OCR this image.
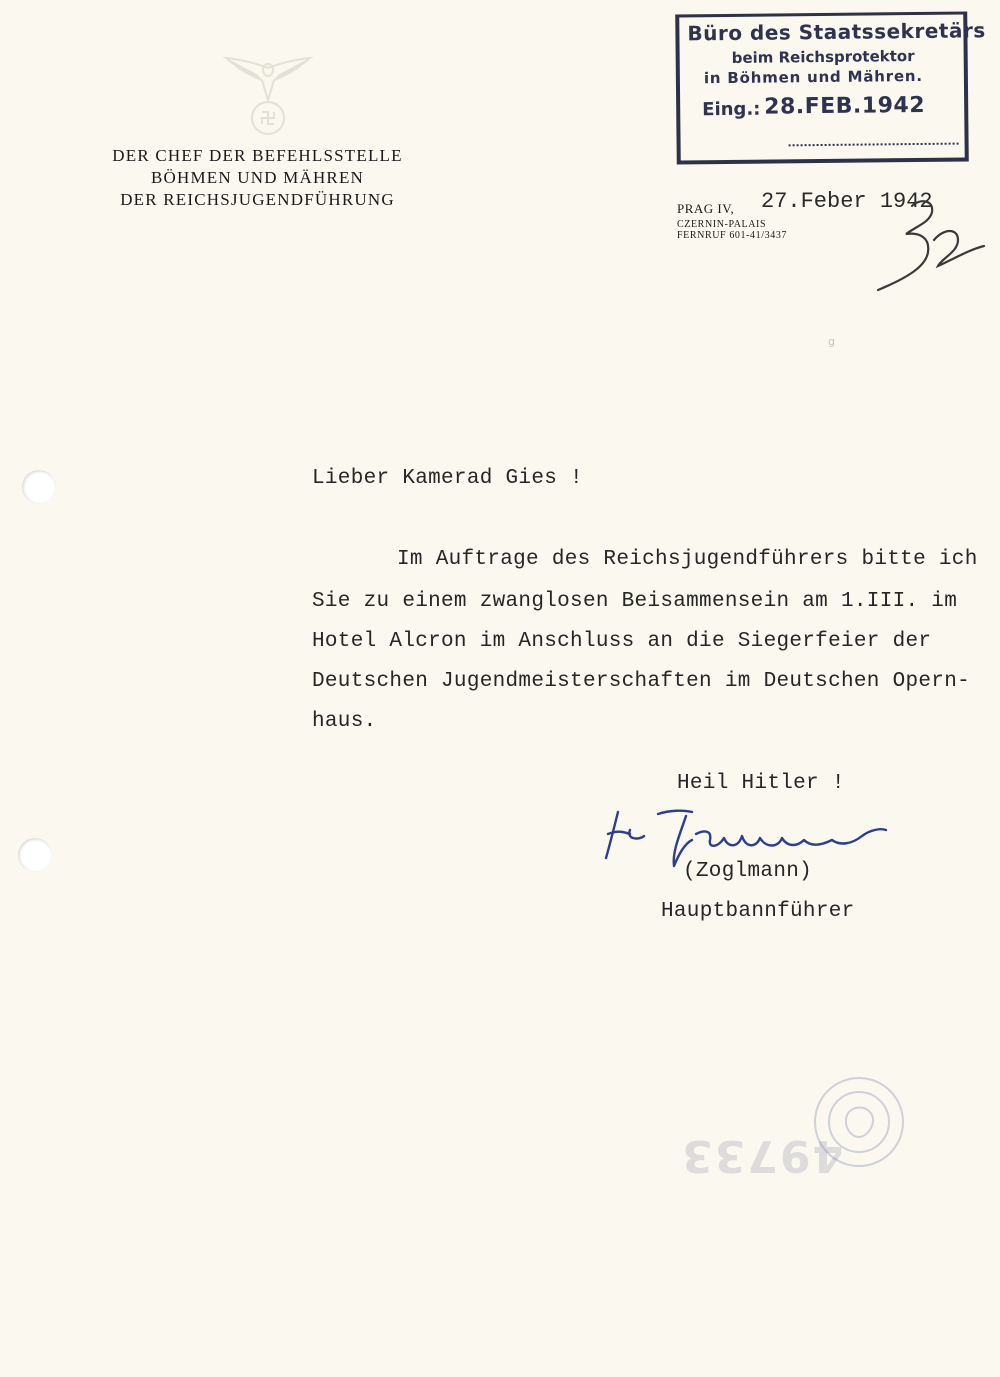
DER CHEF DER BEFEHLSSTELLE
BÖHMEN UND MÄHREN
DER REICHSJUGENDFÜHRUNG
Büro des Staatssekretärs
beim Reichsprotektor
in Böhmen und Mähren.
Eing.: 28.FEB.1942
PRAG IV, 27.Feber 1942
CZERNIN-PALAIS
FERNRUF 601-41/3437
52
g
Lieber Kamerad Gies !
Im Auftrage des Reichsjugendführers bitte ich
Sie zu einem zwanglosen Beisammensein am 1.III. im
Hotel Alcron im Anschluss an die Siegerfeier der
Deutschen Jugendmeisterschaften im Deutschen Opern-
haus.
Heil Hitler !
(Zoglmann)
Hauptbannführer
49733
